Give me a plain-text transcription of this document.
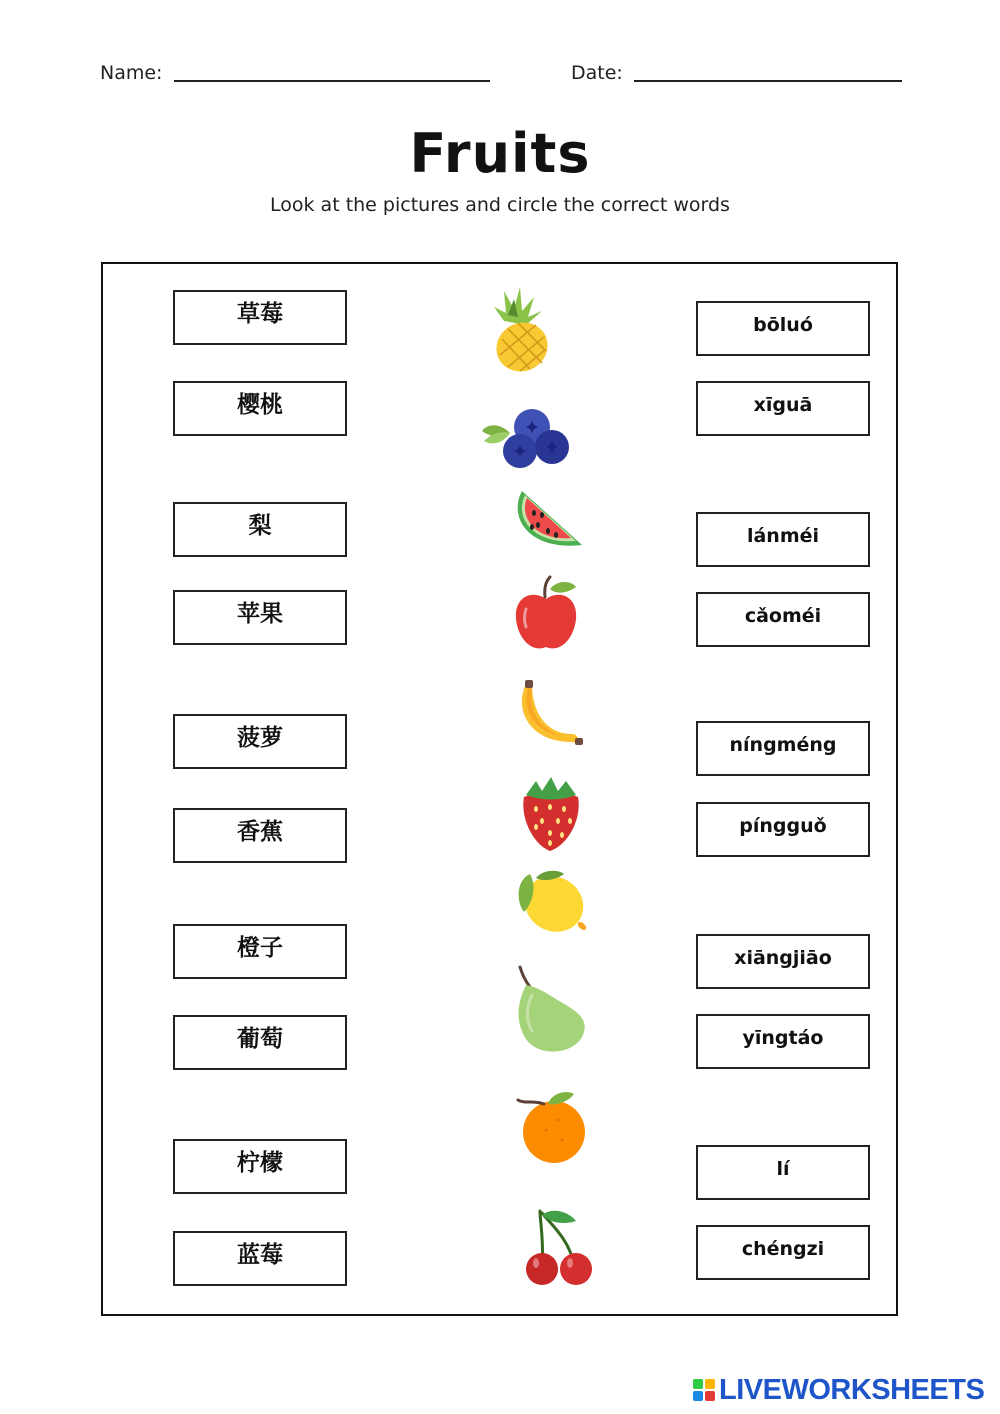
Name:	Date:
Fruits
Look at the pictures and circle the correct words
草莓
樱桃
梨
苹果
菠萝
香蕉
橙子
葡萄
柠檬
蓝莓
bōluó
xīguā
lánméi
cǎoméi
níngméng
píngguǒ
xiāngjiāo
yīngtáo
lí
chéngzi
LIVEWORKSHEETS
